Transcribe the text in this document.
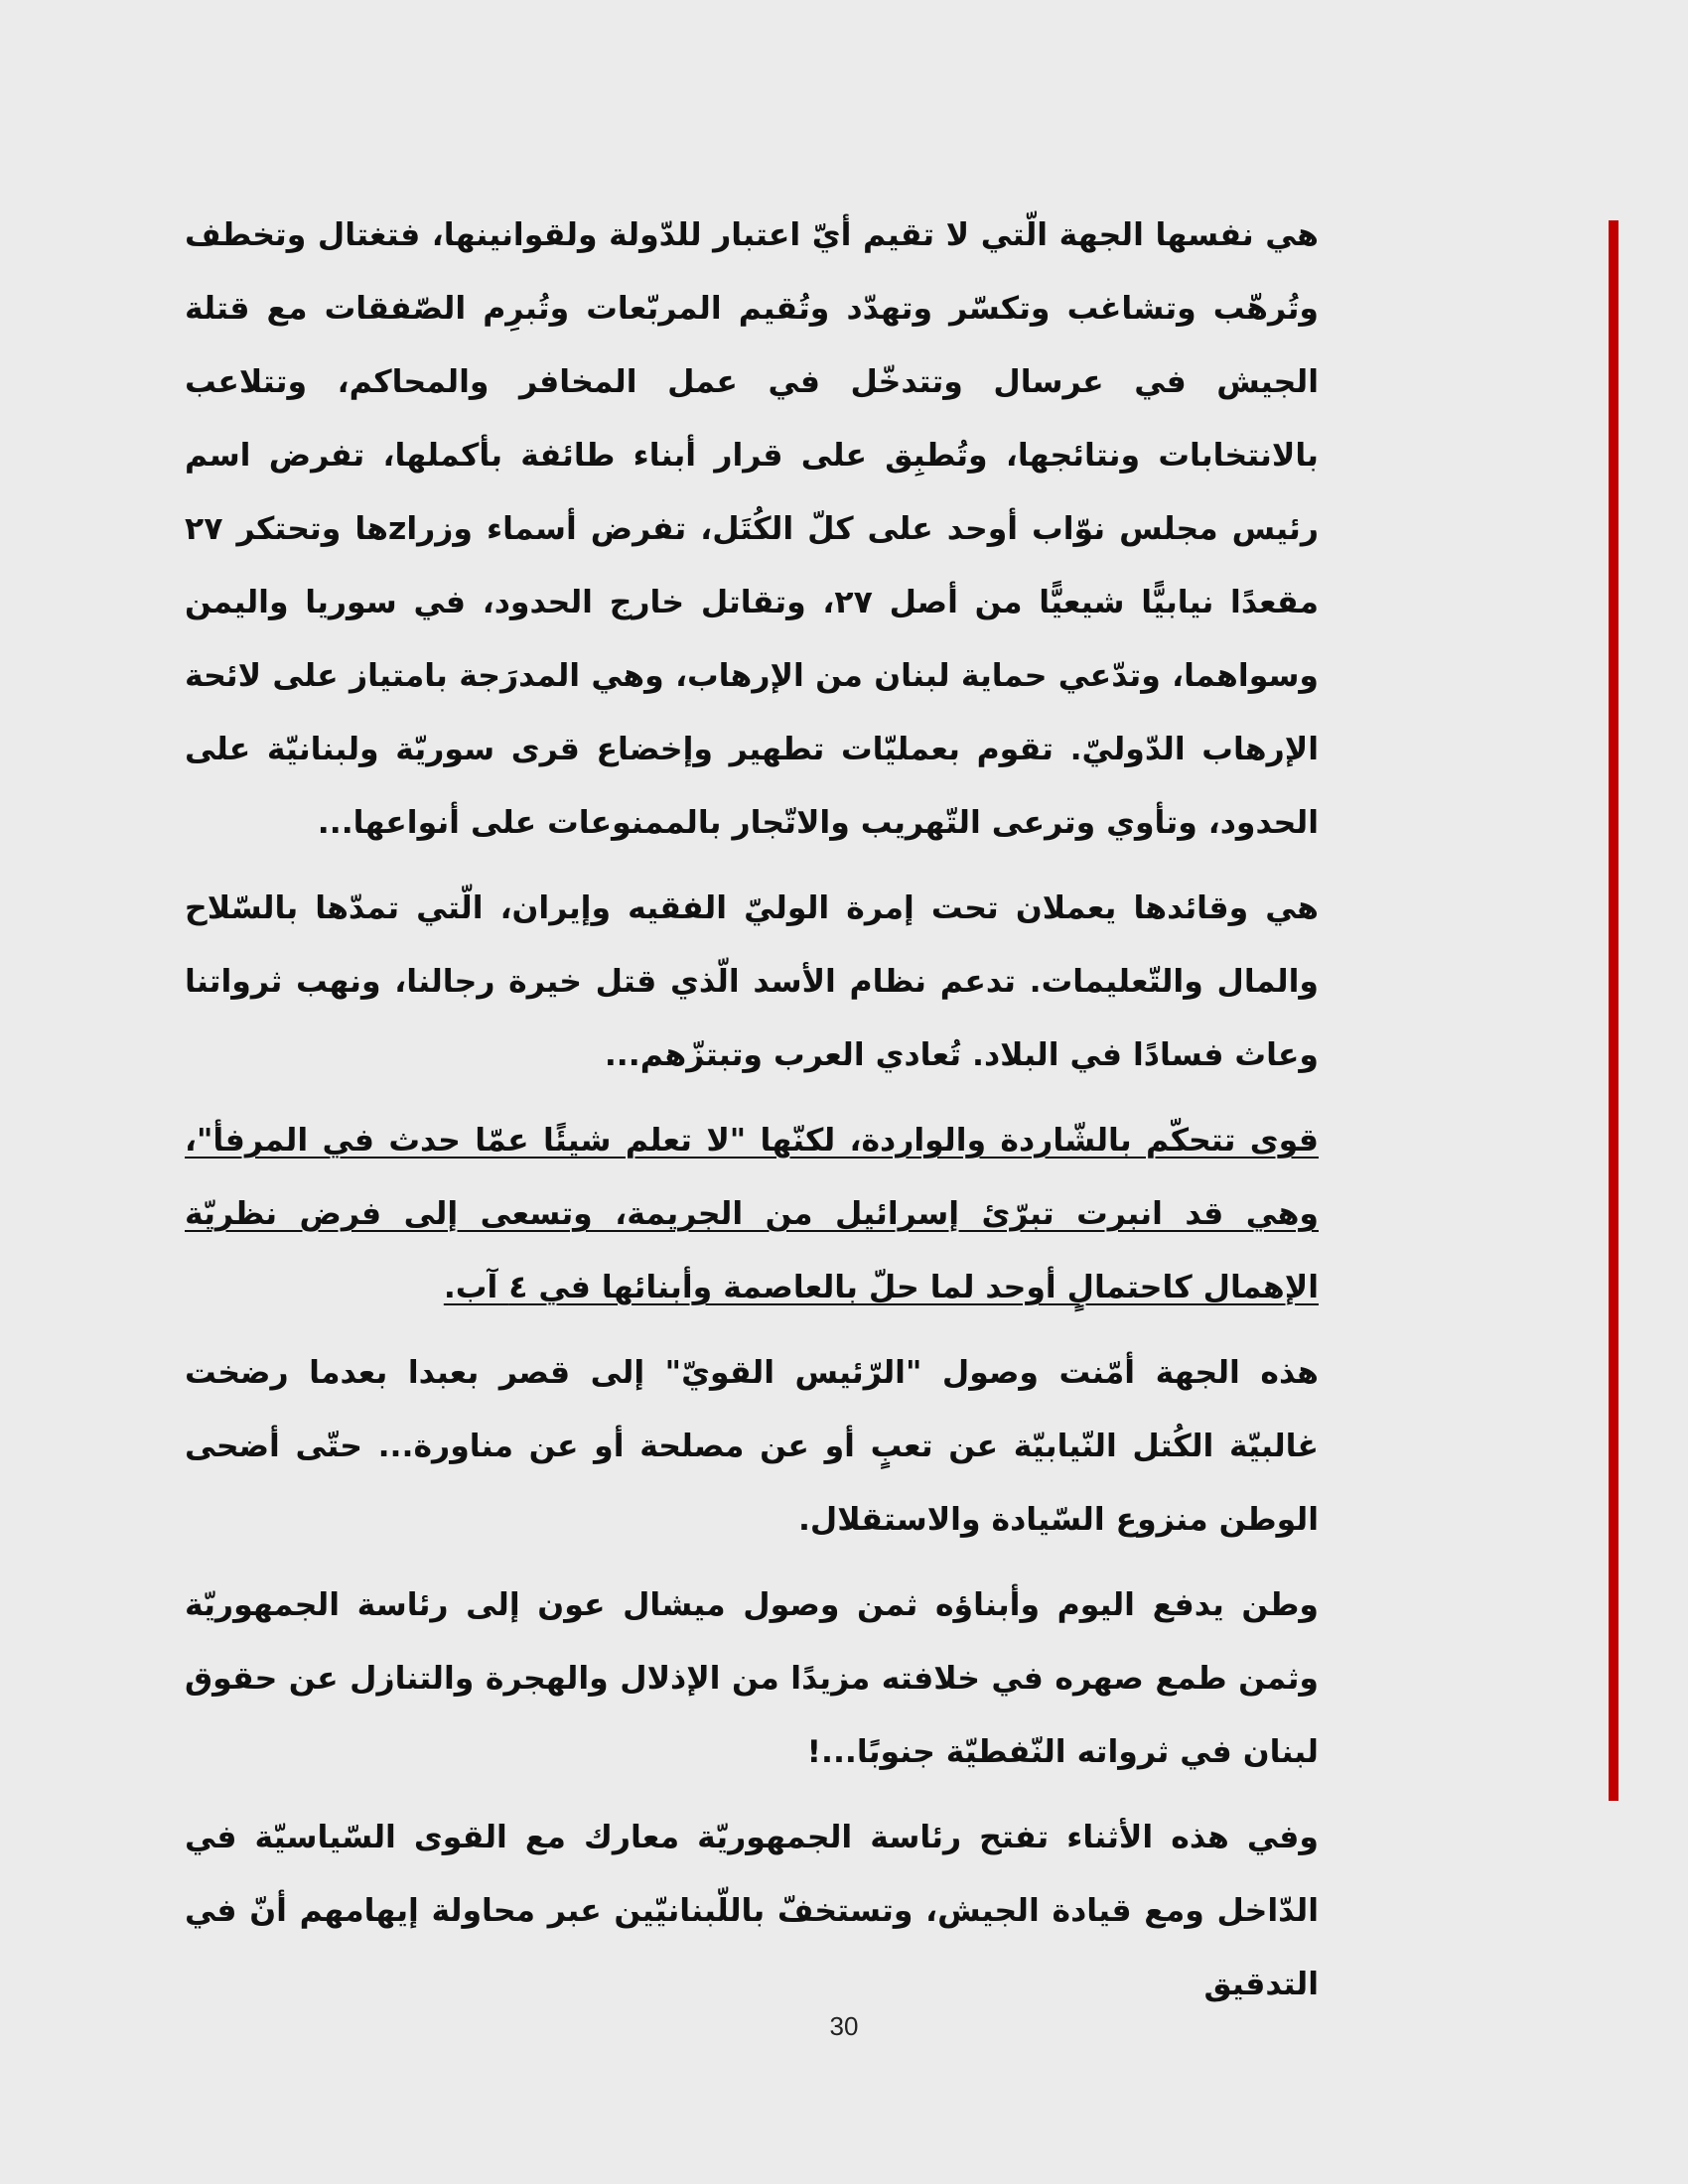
هي نفسها الجهة الّتي لا تقيم أيّ اعتبار للدّولة ولقوانينها، فتغتال وتخطف وتُرهّب وتشاغب وتكسّر وتهدّد وتُقيم المربّعات وتُبرِم الصّفقات مع قتلة الجيش في عرسال وتتدخّل في عمل المخافر والمحاكم، وتتلاعب بالانتخابات ونتائجها، وتُطبِق على قرار أبناء طائفة بأكملها، تفرض اسم رئيس مجلس نوّاب أوحد على كلّ الكُتَل، تفرض أسماء وزراzها وتحتكر ٢٧ مقعدًا نيابيًّا شيعيًّا من أصل ٢٧، وتقاتل خارج الحدود، في سوريا واليمن وسواهما، وتدّعي حماية لبنان من الإرهاب، وهي المدرَجة بامتياز على لائحة الإرهاب الدّوليّ. تقوم بعمليّات تطهير وإخضاع قرى سوريّة ولبنانيّة على الحدود، وتأوي وترعى التّهريب والاتّجار بالممنوعات على أنواعها...

هي وقائدها يعملان تحت إمرة الوليّ الفقيه وإيران، الّتي تمدّها بالسّلاح والمال والتّعليمات. تدعم نظام الأسد الّذي قتل خيرة رجالنا، ونهب ثرواتنا وعاث فسادًا في البلاد. تُعادي العرب وتبتزّهم...

قوى تتحكّم بالشّاردة والواردة، لكنّها "لا تعلم شيئًا عمّا حدث في المرفأ"، وهي قد انبرت تبرّئ إسرائيل من الجريمة، وتسعى إلى فرض نظريّة الإهمال كاحتمالٍ أوحد لما حلّ بالعاصمة وأبنائها في ٤ آب.

هذه الجهة أمّنت وصول "الرّئيس القويّ" إلى قصر بعبدا بعدما رضخت غالبيّة الكُتل النّيابيّة عن تعبٍ أو عن مصلحة أو عن مناورة... حتّى أضحى الوطن منزوع السّيادة والاستقلال.

وطن يدفع اليوم وأبناؤه ثمن وصول ميشال عون إلى رئاسة الجمهوريّة وثمن طمع صهره في خلافته مزيدًا من الإذلال والهجرة والتنازل عن حقوق لبنان في ثرواته النّفطيّة جنوبًا...!

وفي هذه الأثناء تفتح رئاسة الجمهوريّة معارك مع القوى السّياسيّة في الدّاخل ومع قيادة الجيش، وتستخفّ باللّبنانيّين عبر محاولة إيهامهم أنّ في التدقيق

30
